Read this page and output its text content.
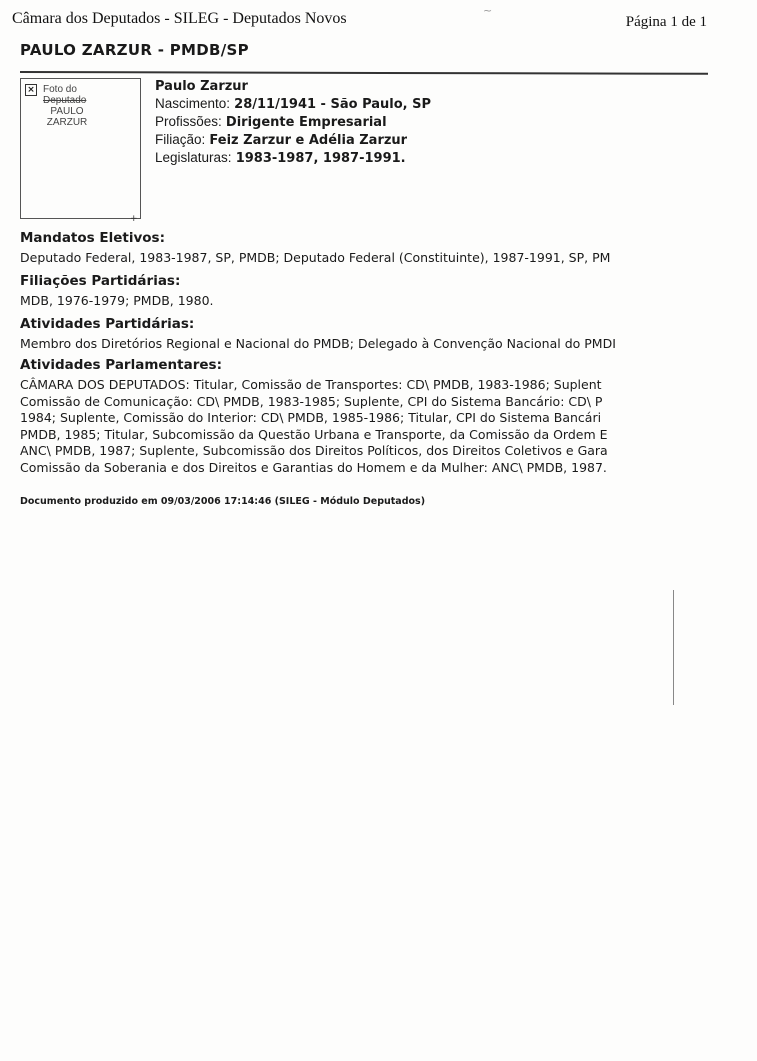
Câmara dos Deputados - SILEG - Deputados Novos	Página 1 de 1
~
PAULO ZARZUR - PMDB/SP
× Foto do
Deputado
PAULO
ZARZUR
+
Paulo Zarzur
Nascimento: 28/11/1941 - São Paulo, SP
Profissões: Dirigente Empresarial
Filiação: Feiz Zarzur e Adélia Zarzur
Legislaturas: 1983-1987, 1987-1991.
Mandatos Eletivos:
Deputado Federal, 1983-1987, SP, PMDB; Deputado Federal (Constituinte), 1987-1991, SP, PM
Filiações Partidárias:
MDB, 1976-1979; PMDB, 1980.
Atividades Partidárias:
Membro dos Diretórios Regional e Nacional do PMDB; Delegado à Convenção Nacional do PMDI
Atividades Parlamentares:
CÂMARA DOS DEPUTADOS: Titular, Comissão de Transportes: CD\ PMDB, 1983-1986; Suplent
Comissão de Comunicação: CD\ PMDB, 1983-1985; Suplente, CPI do Sistema Bancário: CD\ P
1984; Suplente, Comissão do Interior: CD\ PMDB, 1985-1986; Titular, CPI do Sistema Bancári
PMDB, 1985; Titular, Subcomissão da Questão Urbana e Transporte, da Comissão da Ordem E
ANC\ PMDB, 1987; Suplente, Subcomissão dos Direitos Políticos, dos Direitos Coletivos e Gara
Comissão da Soberania e dos Direitos e Garantias do Homem e da Mulher: ANC\ PMDB, 1987.
Documento produzido em 09/03/2006 17:14:46 (SILEG - Módulo Deputados)
